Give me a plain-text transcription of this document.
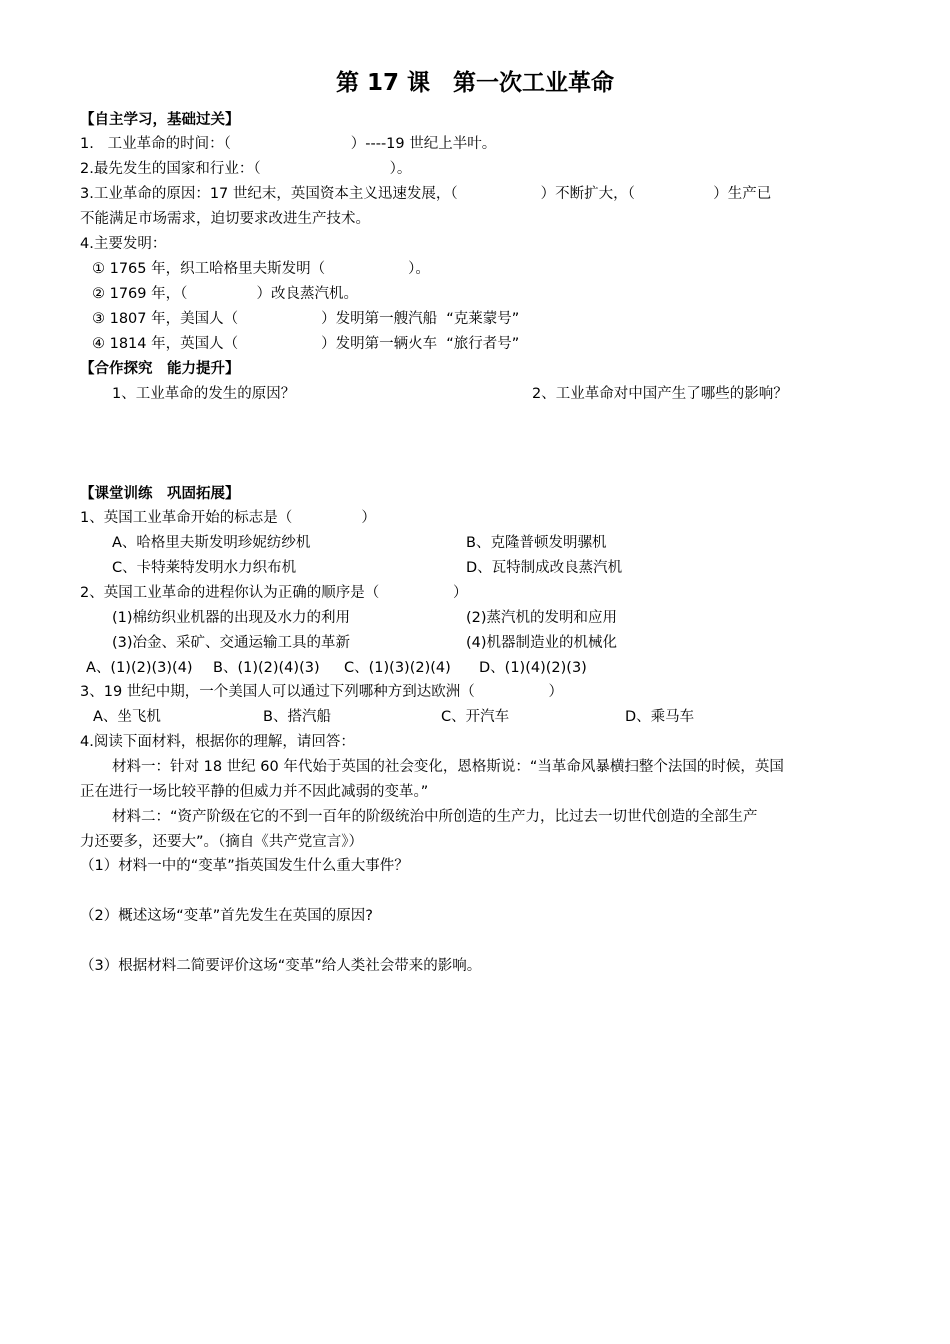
第 17 课　第一次工业革命
【自主学习，基础过关】
1.   工业革命的时间：（                          ）----19 世纪上半叶。
2.最先发生的国家和行业：（                            ）。
3.工业革命的原因：17 世纪末，英国资本主义迅速发展，（                  ）不断扩大，（                 ）生产已
不能满足市场需求，迫切要求改进生产技术。
4.主要发明：
① 1765 年，织工哈格里夫斯发明（                  ）。
② 1769 年，（               ）改良蒸汽机。
③ 1807 年，美国人（                  ）发明第一艘汽船  “克莱蒙号”
④ 1814 年，英国人（                  ）发明第一辆火车  “旅行者号”
【合作探究　能力提升】
1、工业革命的发生的原因？	2、工业革命对中国产生了哪些的影响？
【课堂训练　巩固拓展】
1、英国工业革命开始的标志是（               ）
A、哈格里夫斯发明珍妮纺纱机	B、克隆普顿发明骡机
C、卡特莱特发明水力织布机	D、瓦特制成改良蒸汽机
2、英国工业革命的进程你认为正确的顺序是（                ）
(1)棉纺织业机器的出现及水力的利用	(2)蒸汽机的发明和应用
(3)冶金、采矿、交通运输工具的革新	(4)机器制造业的机械化
A、(1)(2)(3)(4) B、(1)(2)(4)(3) C、(1)(3)(2)(4) D、(1)(4)(2)(3)
3、19 世纪中期，一个美国人可以通过下列哪种方到达欧洲（                ）
A、坐飞机	B、搭汽船	C、开汽车	D、乘马车
4.阅读下面材料，根据你的理解，请回答：
材料一：针对 18 世纪 60 年代始于英国的社会变化，恩格斯说：“当革命风暴横扫整个法国的时候，英国
正在进行一场比较平静的但威力并不因此减弱的变革。”
材料二：“资产阶级在它的不到一百年的阶级统治中所创造的生产力，比过去一切世代创造的全部生产
力还要多，还要大”。（摘自《共产党宣言》）
（1）材料一中的“变革”指英国发生什么重大事件？
（2）概述这场“变革”首先发生在英国的原因?
（3）根据材料二简要评价这场“变革”给人类社会带来的影响。
